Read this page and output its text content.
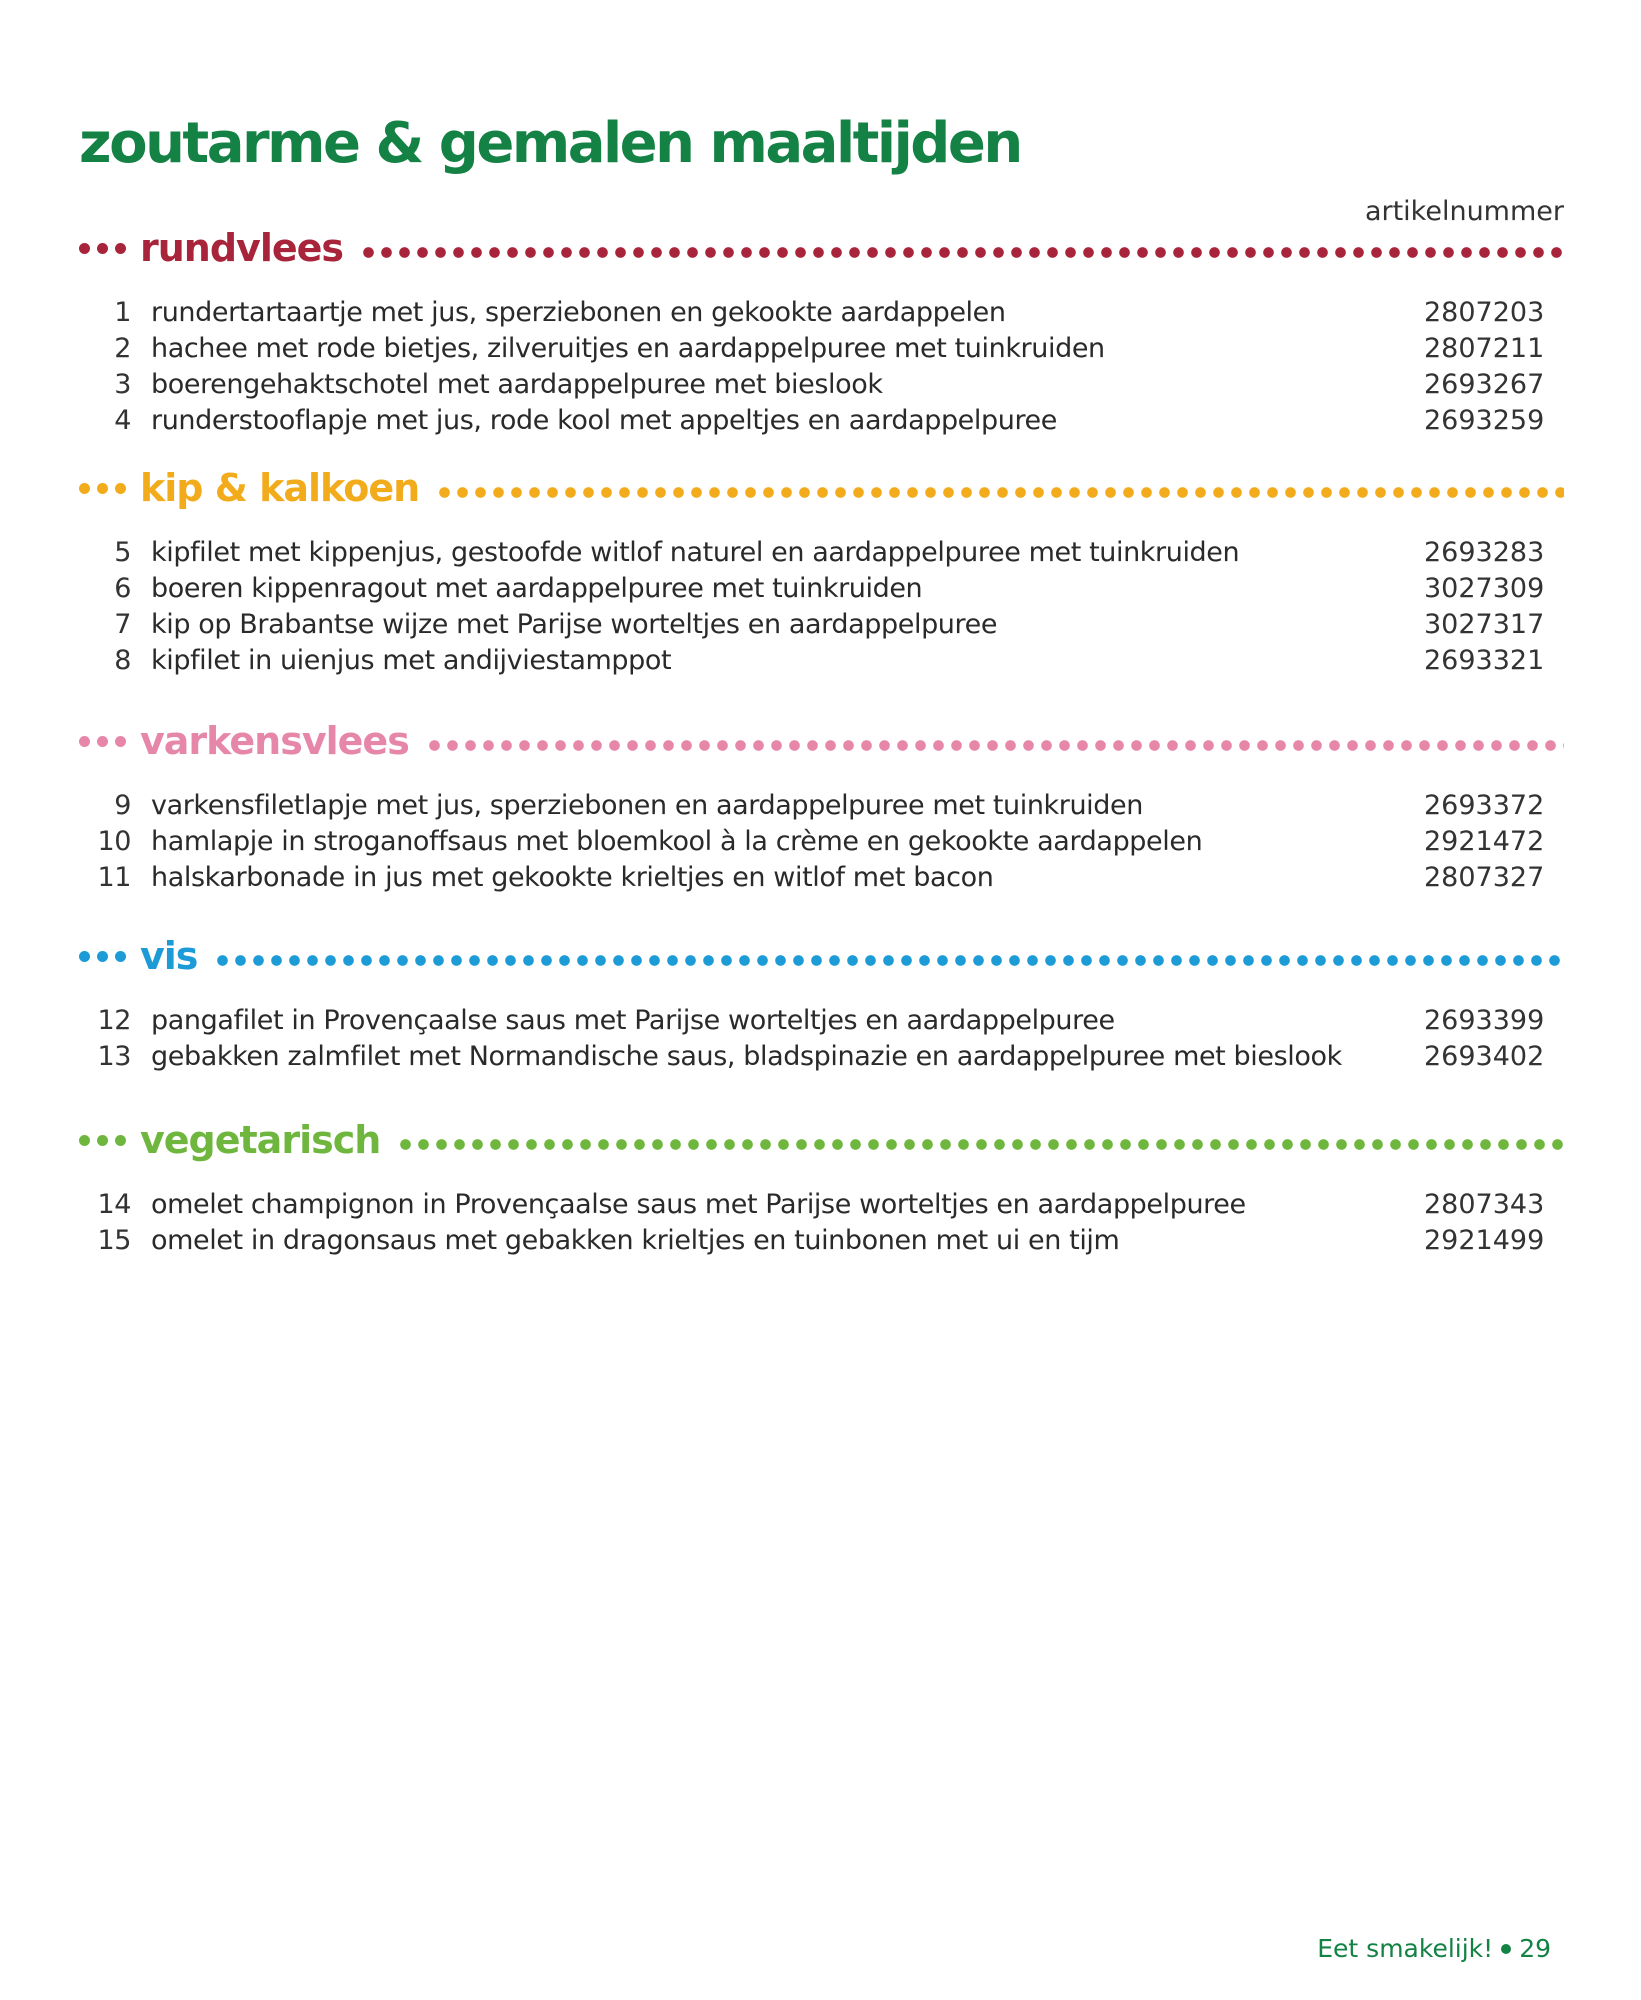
zoutarme & gemalen maaltijden
artikelnummer
rundvlees
1 rundertartaartje met jus, sperziebonen en gekookte aardappelen	2807203
2 hachee met rode bietjes, zilveruitjes en aardappelpuree met tuinkruiden	2807211
3 boerengehaktschotel met aardappelpuree met bieslook	2693267
4 runderstooflapje met jus, rode kool met appeltjes en aardappelpuree	2693259
kip & kalkoen
5 kipfilet met kippenjus, gestoofde witlof naturel en aardappelpuree met tuinkruiden	2693283
6 boeren kippenragout met aardappelpuree met tuinkruiden	3027309
7 kip op Brabantse wijze met Parijse worteltjes en aardappelpuree	3027317
8 kipfilet in uienjus met andijviestamppot	2693321
varkensvlees
9 varkensfiletlapje met jus, sperziebonen en aardappelpuree met tuinkruiden	2693372
10 hamlapje in stroganoffsaus met bloemkool à la crème en gekookte aardappelen	2921472
11 halskarbonade in jus met gekookte krieltjes en witlof met bacon	2807327
vis
12 pangafilet in Provençaalse saus met Parijse worteltjes en aardappelpuree	2693399
13 gebakken zalmfilet met Normandische saus, bladspinazie en aardappelpuree met bieslook	2693402
vegetarisch
14 omelet champignon in Provençaalse saus met Parijse worteltjes en aardappelpuree	2807343
15 omelet in dragonsaus met gebakken krieltjes en tuinbonen met ui en tijm	2921499
Eet smakelijk! 29
